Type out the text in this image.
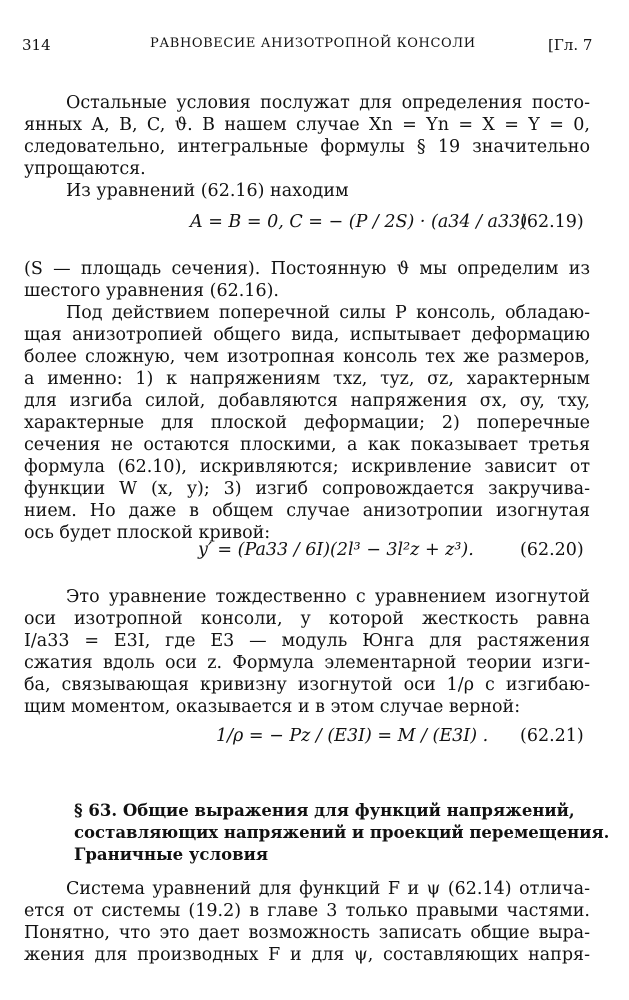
314	РАВНОВЕСИЕ АНИЗОТРОПНОЙ КОНСОЛИ	[Гл. 7
Остальные условия послужат для определения посто-
янных A, B, C, ϑ. В нашем случае Xn = Yn = X = Y = 0,
следовательно, интегральные формулы § 19 значительно
упрощаются.
Из уравнений (62.16) находим
A = B = 0, C = − (P / 2S) · (a34 / a33)
(62.19)
(S — площадь сечения). Постоянную ϑ мы определим из
шестого уравнения (62.16).
Под действием поперечной силы P консоль, обладаю-
щая анизотропией общего вида, испытывает деформацию
более сложную, чем изотропная консоль тех же размеров,
а именно: 1) к напряжениям τxz, τyz, σz, характерным
для изгиба силой, добавляются напряжения σx, σy, τxy,
характерные для плоской деформации; 2) поперечные
сечения не остаются плоскими, а как показывает третья
формула (62.10), искривляются; искривление зависит от
функции W (x, y); 3) изгиб сопровождается закручива-
нием. Но даже в общем случае анизотропии изогнутая
ось будет плоской кривой:
y′ = (Pa33 / 6I)(2l³ − 3l²z + z³).	(62.20)
Это уравнение тождественно с уравнением изогнутой
оси изотропной консоли, у которой жесткость равна
I/a33 = E3I, где E3 — модуль Юнга для растяжения
сжатия вдоль оси z. Формула элементарной теории изги-
ба, связывающая кривизну изогнутой оси 1/ρ с изгибаю-
щим моментом, оказывается и в этом случае верной:
1/ρ = − Pz / (E3I) = M / (E3I) . (62.21)
§ 63. Общие выражения для функций напряжений,
составляющих напряжений и проекций перемещения.
Граничные условия
Система уравнений для функций F и ψ (62.14) отлича-
ется от системы (19.2) в главе 3 только правыми частями.
Понятно, что это дает возможность записать общие выра-
жения для производных F и для ψ, составляющих напря-
